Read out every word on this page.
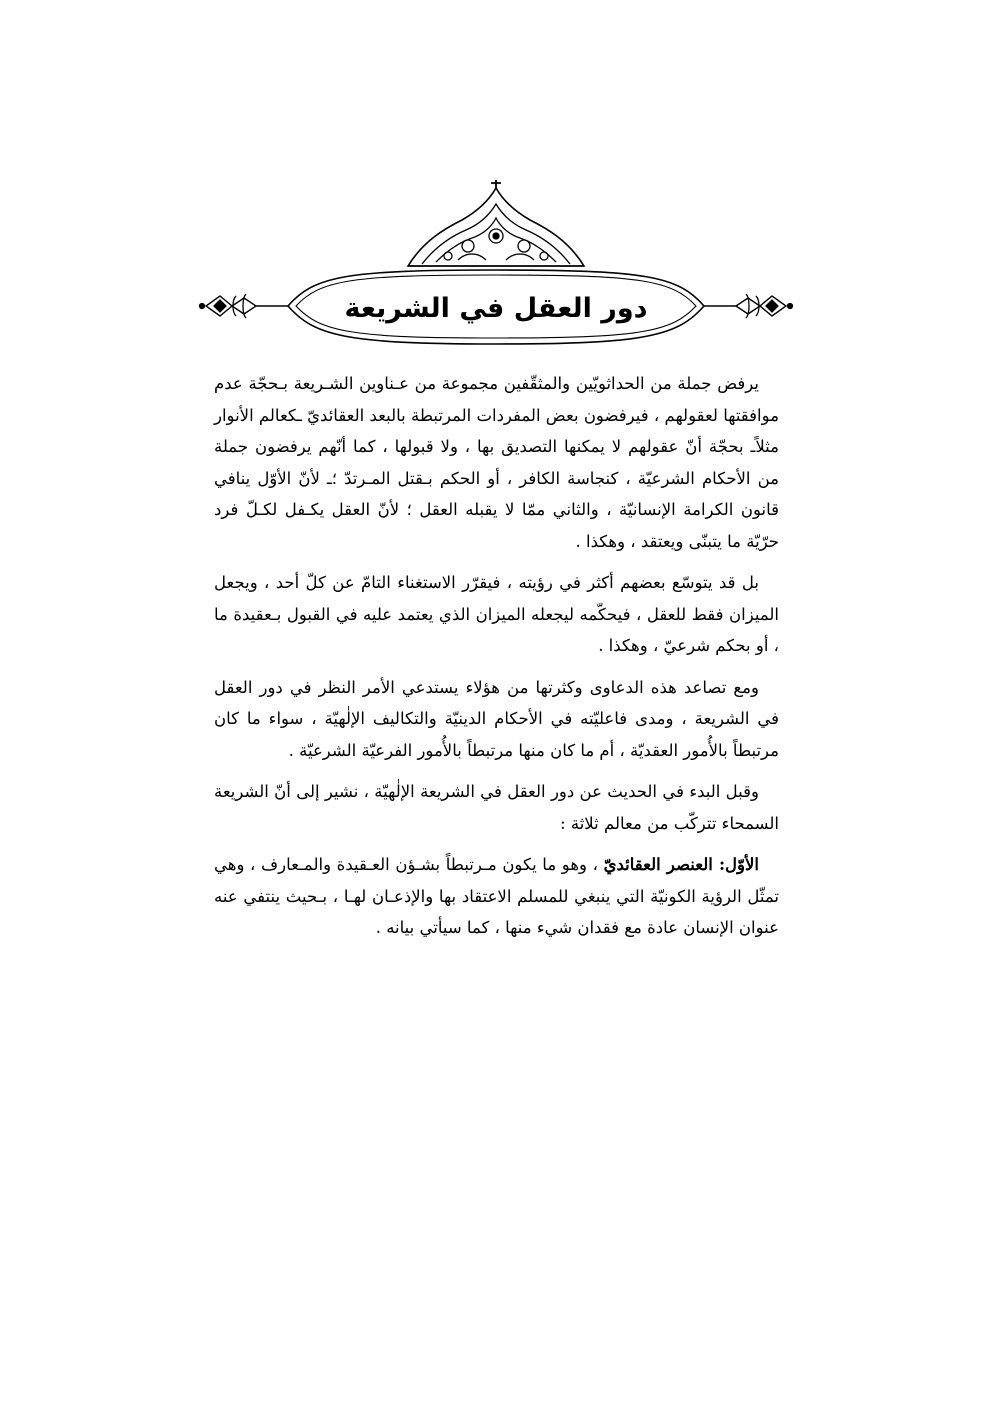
دور العقل في الشريعة

يرفض جملة من الحداثويّين والمثقّفين مجموعة من عـناوين الشـريعة بـحجّة عدم موافقتها لعقولهم ، فيرفضون بعض المفردات المرتبطة بالبعد العقائديّ ـكعالم الأنوار مثلاًـ بحجّة أنّ عقولهم لا يمكنها التصديق بها ، ولا قبولها ، كما أنّهم يرفضون جملة من الأحكام الشرعيّة ، كنجاسة الكافر ، أو الحكم بـقتل المـرتدّ ؛ـ لأنّ الأوّل ينافي قانون الكرامة الإنسانيّة ، والثاني ممّا لا يقبله العقل ؛ لأنّ العقل يكـفل لكـلّ فرد حرّيّة ما يتبنّى ويعتقد ، وهكذا .

بل قد يتوسّع بعضهم أكثر في رؤيته ، فيقرّر الاستغناء التامّ عن كلّ أحد ، ويجعل الميزان فقط للعقل ، فيحكّمه ليجعله الميزان الذي يعتمد عليه في القبول بـعقيدة ما ، أو بحكم شرعيّ ، وهكذا .

ومع تصاعد هذه الدعاوى وكثرتها من هؤلاء يستدعي الأمر النظر في دور العقل في الشريعة ، ومدى فاعليّته في الأحكام الدينيّة والتكاليف الإلٰهيّة ، سواء ما كان مرتبطاً بالأُمور العقديّة ، أم ما كان منها مرتبطاً بالأُمور الفرعيّة الشرعيّة .

وقبل البدء في الحديث عن دور العقل في الشريعة الإلٰهيّة ، نشير إلى أنّ الشريعة السمحاء تتركّب من معالم ثلاثة :

الأوّل: العنصر العقائديّ ، وهو ما يكون مـرتبطاً بشـؤن العـقيدة والمـعارف ، وهي تمثّل الرؤية الكونيّة التي ينبغي للمسلم الاعتقاد بها والإذعـان لهـا ، بـحيث ينتفي عنه عنوان الإنسان عادة مع فقدان شيء منها ، كما سيأتي بيانه .
